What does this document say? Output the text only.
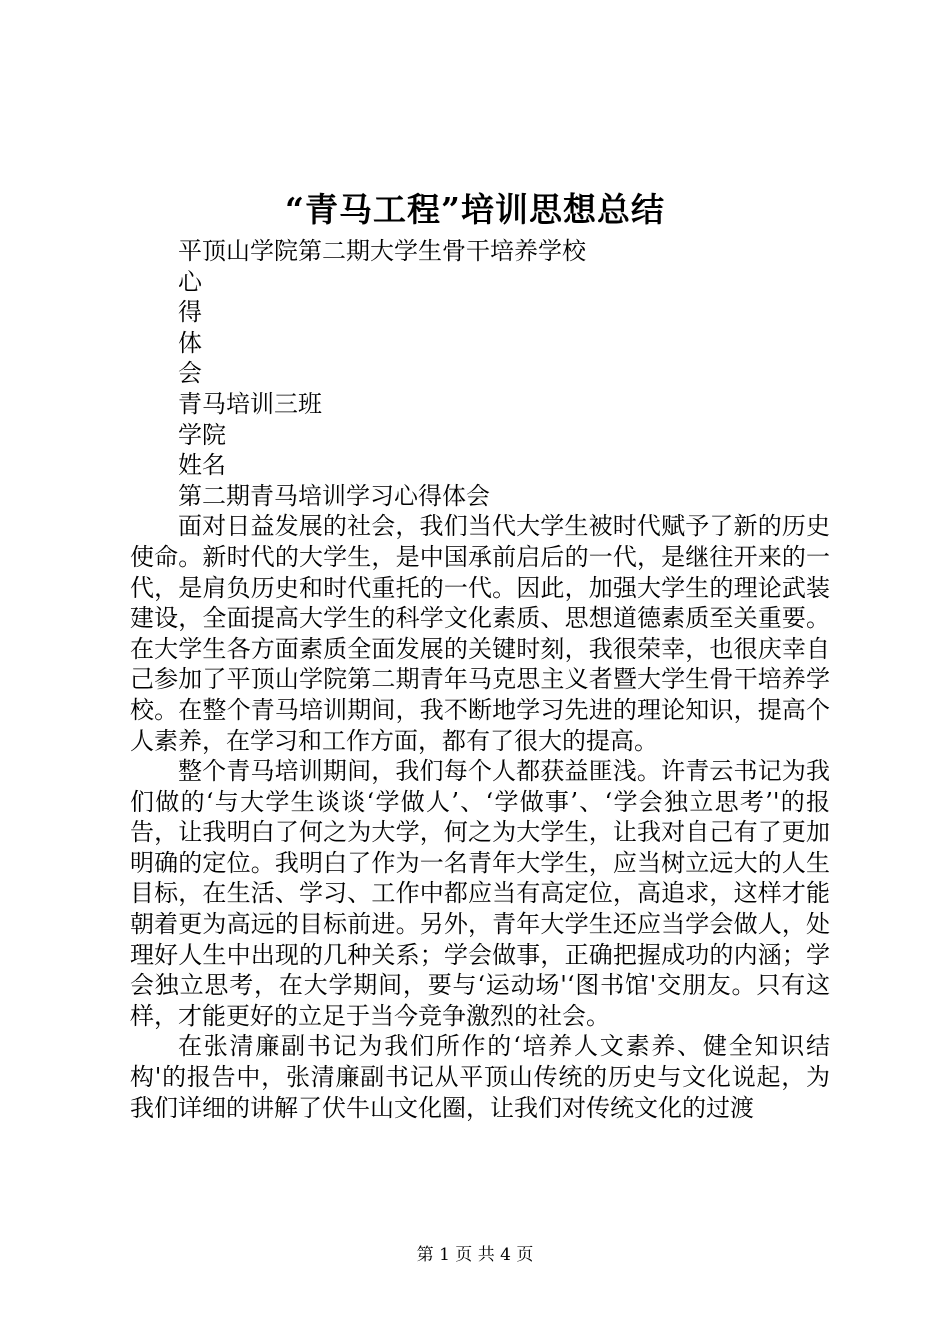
“青马工程”培训思想总结
平顶山学院第二期大学生骨干培养学校
心
得
体
会
青马培训三班
学院
姓名
第二期青马培训学习心得体会
面对日益发展的社会，我们当代大学生被时代赋予了新的历史使命。新时代的大学生，是中国承前启后的一代，是继往开来的一代，是肩负历史和时代重托的一代。因此，加强大学生的理论武装建设，全面提高大学生的科学文化素质、思想道德素质至关重要。在大学生各方面素质全面发展的关键时刻，我很荣幸，也很庆幸自己参加了平顶山学院第二期青年马克思主义者暨大学生骨干培养学校。在整个青马培训期间，我不断地学习先进的理论知识，提高个人素养，在学习和工作方面，都有了很大的提高。
整个青马培训期间，我们每个人都获益匪浅。许青云书记为我们做的‘与大学生谈谈‘学做人’、‘学做事’、‘学会独立思考’'的报告，让我明白了何之为大学，何之为大学生，让我对自己有了更加明确的定位。我明白了作为一名青年大学生，应当树立远大的人生目标，在生活、学习、工作中都应当有高定位，高追求，这样才能朝着更为高远的目标前进。另外，青年大学生还应当学会做人，处理好人生中出现的几种关系；学会做事，正确把握成功的内涵；学会独立思考，在大学期间，要与‘运动场'‘图书馆'交朋友。只有这样，才能更好的立足于当今竞争激烈的社会。
在张清廉副书记为我们所作的‘培养人文素养、健全知识结构'的报告中，张清廉副书记从平顶山传统的历史与文化说起，为我们详细的讲解了伏牛山文化圈，让我们对传统文化的过渡
第 1 页 共 4 页
